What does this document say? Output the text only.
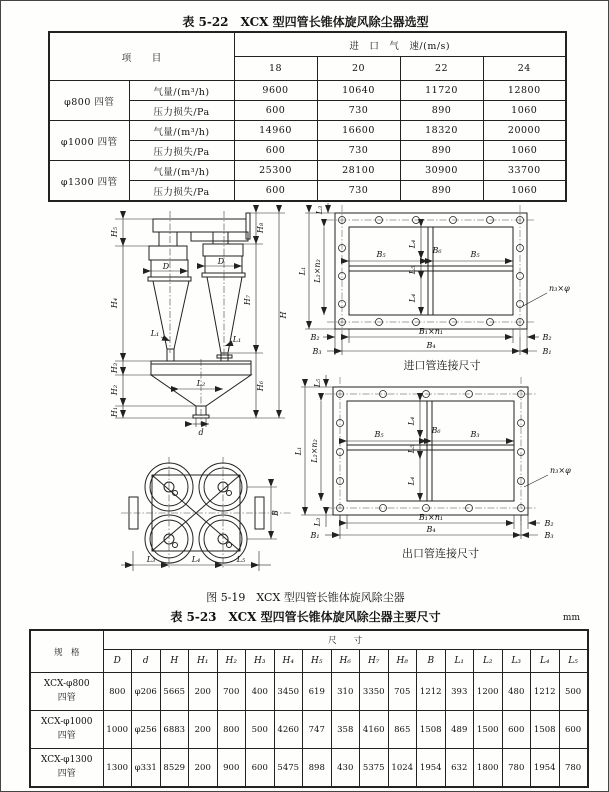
表 5-22　XCX 型四管长锥体旋风除尘器选型
项　　目		进　口　气　速/(m/s)			
		18	20	22	24
φ800 四管	气量/(m³/h)	9600	10640	11720	12800
	压力损失/Pa	600	730	890	1060
φ1000 四管	气量/(m³/h)	14960	16600	18320	20000
	压力损失/Pa	600	730	890	1060
φ1300 四管	气量/(m³/h)	25300	28100	30900	33700
	压力损失/Pa	600	730	890	1060
H₅
H₄
H₃
H₂
H₁
H₈
H₇
H₆
H
D
D
L₁
L₁
L₂
d
B
L₃	L₄	L₅
L₃
L₁ L₂×n₂
B₅	B₆	B₅
L₄
L₅
L₄
n₃×φ
B₂
B₁×n₁
B₂
B₃
B₄
B₁
进口管连接尺寸
L₅
L₁ L₂×n₂
L₃
B₅	B₆	B₃
L₄
L₅
L₄
n₃×φ
B₁×n₁
B₂
B₁
B₄
B₃
出口管连接尺寸
图 5-19　XCX 型四管长锥体旋风除尘器
表 5-23　XCX 型四管长锥体旋风除尘器主要尺寸	mm
规　格	尺　　寸																
	D	d	H	H₁	H₂	H₃	H₄	H₅	H₆	H₇	H₈	B	L₁	L₂	L₃	L₄	L₅

XCX-φ800
四管	800	φ206	5665	200	700	400	3450	619	310	3350	705	1212	393	1200	480	1212	500

XCX-φ1000
四管	1000	φ256	6883	200	800	500	4260	747	358	4160	865	1508	489	1500	600	1508	600

XCX-φ1300
四管	1300	φ331	8529	200	900	600	5475	898	430	5375	1024	1954	632	1800	780	1954	780
